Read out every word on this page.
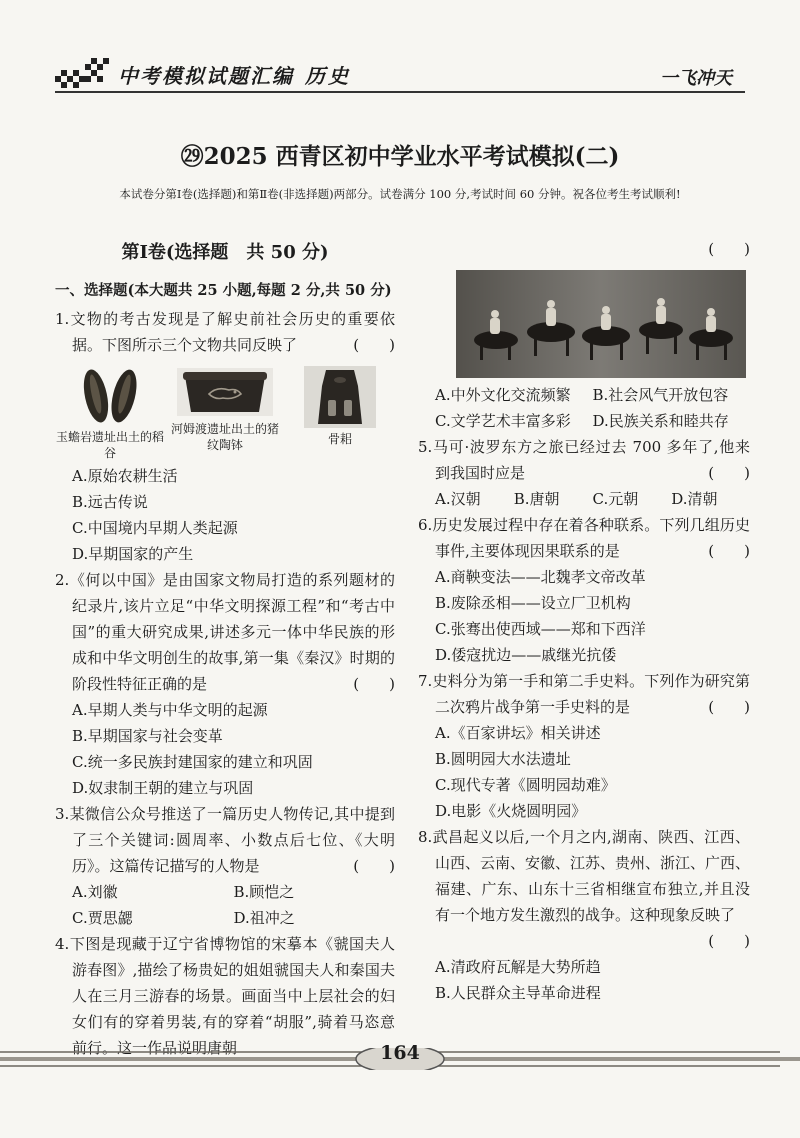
中考模拟试题汇编 历史	一飞冲天
㉙2025 西青区初中学业水平考试模拟(二)
本试卷分第Ⅰ卷(选择题)和第Ⅱ卷(非选择题)两部分。试卷满分 100 分,考试时间 60 分钟。祝各位考生考试顺利!
第Ⅰ卷(选择题　共 50 分)
一、选择题(本大题共 25 小题,每题 2 分,共 50 分)
1.文物的考古发现是了解史前社会历史的重要依据。下图所示三个文物共同反映了 	(　　)
玉蟾岩遗址出土的稻谷
河姆渡遗址出土的猪纹陶钵	骨耜
A.原始农耕生活
B.远古传说
C.中国境内早期人类起源
D.早期国家的产生
2.《何以中国》是由国家文物局打造的系列题材的纪录片,该片立足“中华文明探源工程”和“考古中国”的重大研究成果,讲述多元一体中华民族的形成和中华文明创生的故事,第一集《秦汉》时期的阶段性特征正确的是 	(　　)
A.早期人类与中华文明的起源
B.早期国家与社会变革
C.统一多民族封建国家的建立和巩固
D.奴隶制王朝的建立与巩固
3.某微信公众号推送了一篇历史人物传记,其中提到了三个关键词:圆周率、小数点后七位、《大明历》。这篇传记描写的人物是 	(　　)
A.刘徽	B.顾恺之
C.贾思勰	D.祖冲之
4.下图是现藏于辽宁省博物馆的宋摹本《虢国夫人游春图》,描绘了杨贵妃的姐姐虢国夫人和秦国夫人在三月三游春的场景。画面当中上层社会的妇女们有的穿着男装,有的穿着“胡服”,骑着马恣意前行。这一作品说明唐朝
(　　)
A.中外文化交流频繁	B.社会风气开放包容
C.文学艺术丰富多彩	D.民族关系和睦共存
5.马可·波罗东方之旅已经过去 700 多年了,他来到我国时应是 	(　　)
A.汉朝	B.唐朝	C.元朝	D.清朝
6.历史发展过程中存在着各种联系。下列几组历史事件,主要体现因果联系的是 	(　　)
A.商鞅变法——北魏孝文帝改革
B.废除丞相——设立厂卫机构
C.张骞出使西域——郑和下西洋
D.倭寇扰边——戚继光抗倭
7.史料分为第一手和第二手史料。下列作为研究第二次鸦片战争第一手史料的是 	(　　)
A.《百家讲坛》相关讲述
B.圆明园大水法遗址
C.现代专著《圆明园劫难》
D.电影《火烧圆明园》
8.武昌起义以后,一个月之内,湖南、陕西、江西、山西、云南、安徽、江苏、贵州、浙江、广西、福建、广东、山东十三省相继宣布独立,并且没有一个地方发生激烈的战争。这种现象反映了
(　　)
A.清政府瓦解是大势所趋
B.人民群众主导革命进程
164
